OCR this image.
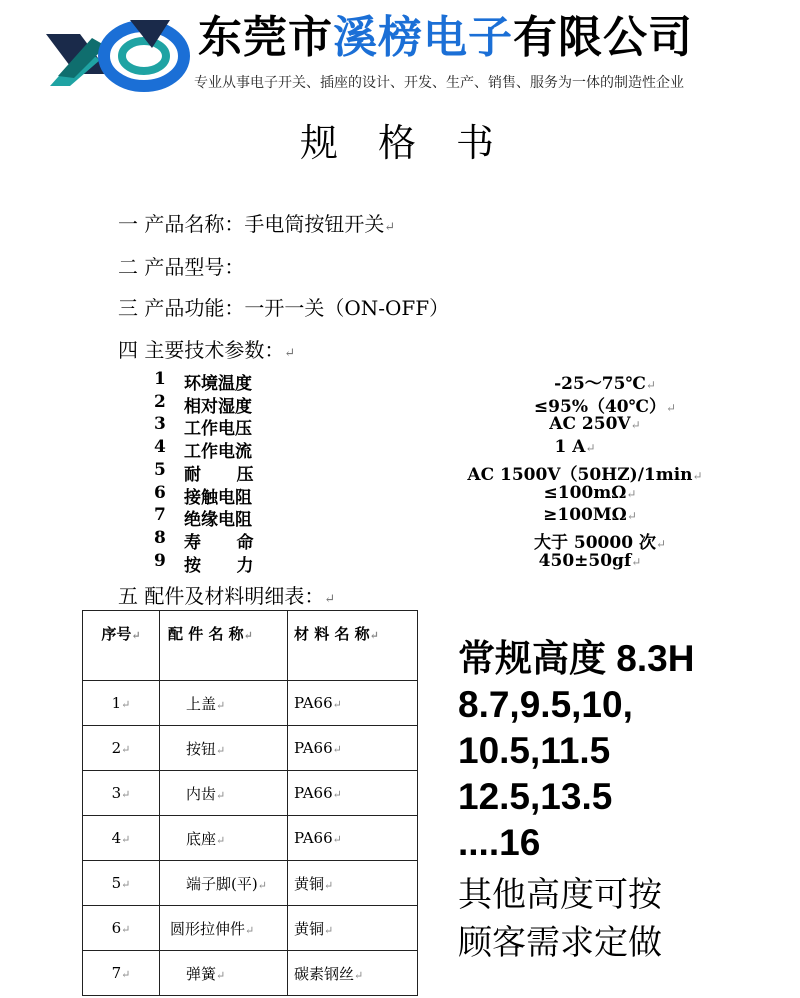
东莞市溪榜电子有限公司
专业从事电子开关、插座的设计、开发、生产、销售、服务为一体的制造性企业
规格书
一 产品名称：手电筒按钮开关↵
二 产品型号：
三 产品功能：一开一关（ON-OFF）
四 主要技术参数：↵
1 环境温度	-25～75℃↵
2 相对湿度	≤95%（40℃）↵
3 工作电压	AC 250V↵
4 工作电流	1 A↵
5 耐      压	AC 1500V（50HZ)/1min↵
6 接触电阻	≤100mΩ↵
7 绝缘电阻	≥100MΩ↵
8 寿      命	大于 50000 次↵
9 按      力	450±50gf↵
五 配件及材料明细表：↵
序号↵	配 件 名 称↵	材 料 名 称↵
1↵	上盖↵	PA66↵
2↵	按钮↵	PA66↵
3↵	内齿↵	PA66↵
4↵	底座↵	PA66↵
5↵	端子脚(平)↵	黄铜↵
6↵	圆形拉伸件↵	黄铜↵
7↵	弹簧↵	碳素钢丝↵
常规高度 8.3H
8.7,9.5,10,
10.5,11.5
12.5,13.5
....16
其他高度可按
顾客需求定做
